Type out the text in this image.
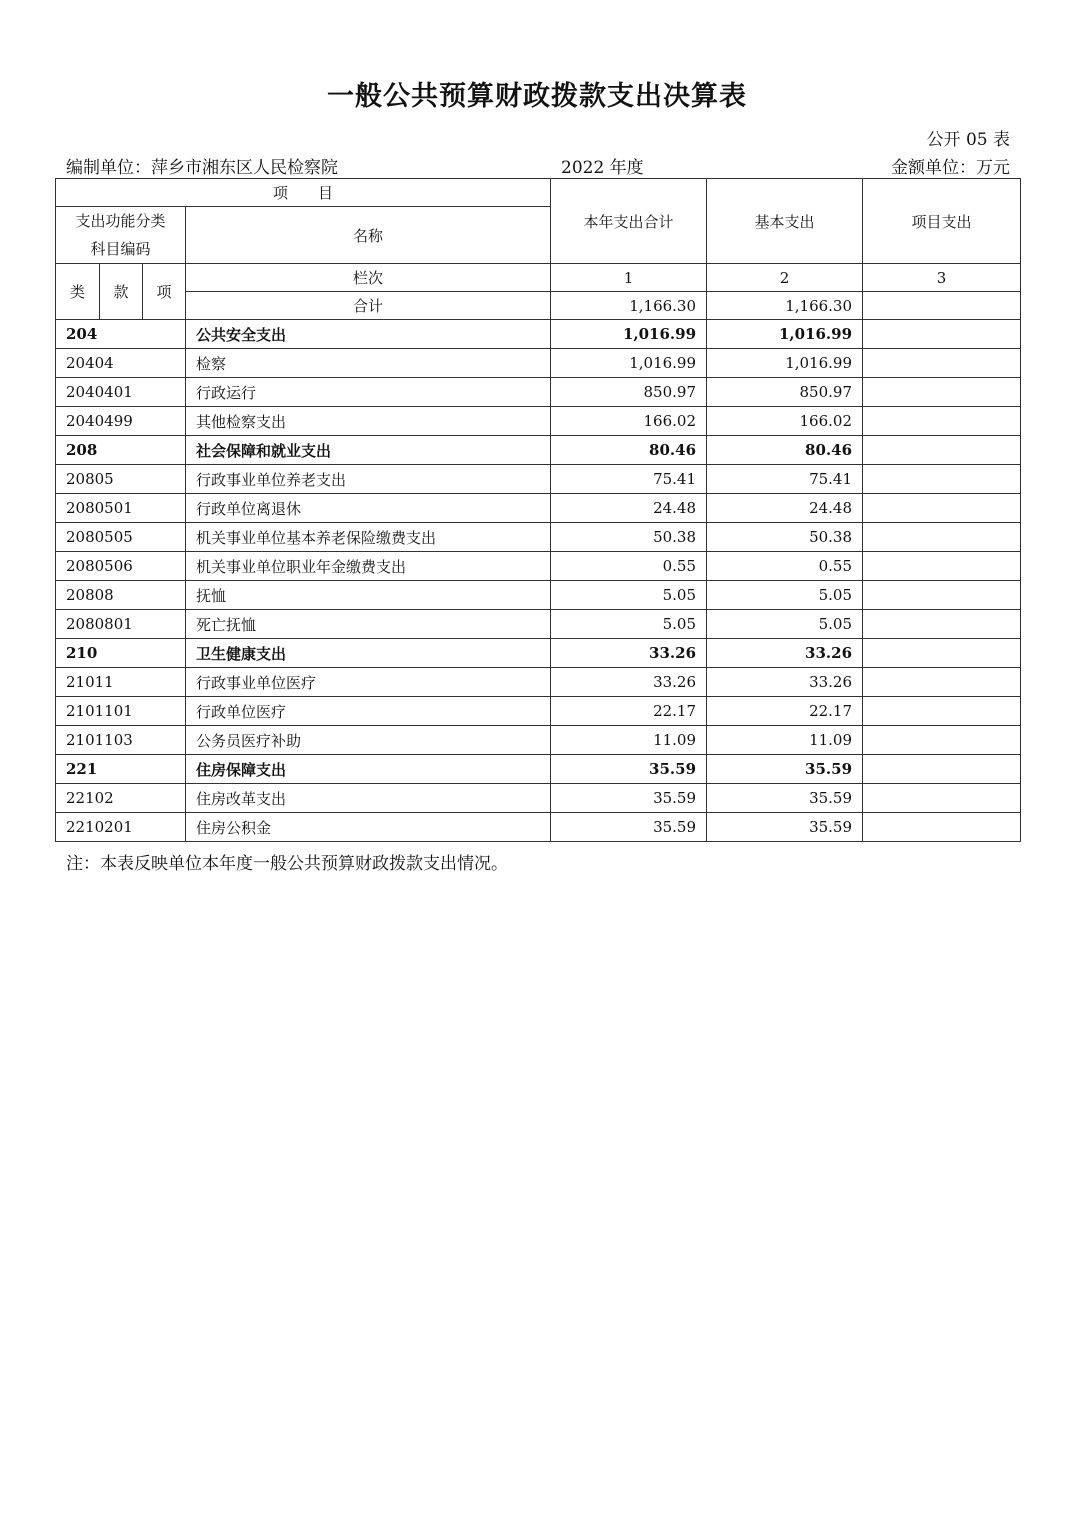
一般公共预算财政拨款支出决算表
公开 05 表
编制单位：萍乡市湘东区人民检察院	2022 年度	金额单位：万元
项　　目				本年支出合计	基本支出	项目支出
支出功能分类科目编码			名称			
类	款	项	栏次	1	2	3
			合计	1,166.30	1,166.30	
204			公共安全支出	1,016.99	1,016.99	
20404			检察	1,016.99	1,016.99	
2040401			行政运行	850.97	850.97	
2040499			其他检察支出	166.02	166.02	
208			社会保障和就业支出	80.46	80.46	
20805			行政事业单位养老支出	75.41	75.41	
2080501			行政单位离退休	24.48	24.48	
2080505			机关事业单位基本养老保险缴费支出	50.38	50.38	
2080506			机关事业单位职业年金缴费支出	0.55	0.55	
20808			抚恤	5.05	5.05	
2080801			死亡抚恤	5.05	5.05	
210			卫生健康支出	33.26	33.26	
21011			行政事业单位医疗	33.26	33.26	
2101101			行政单位医疗	22.17	22.17	
2101103			公务员医疗补助	11.09	11.09	
221			住房保障支出	35.59	35.59	
22102			住房改革支出	35.59	35.59	
2210201			住房公积金	35.59	35.59	
注：本表反映单位本年度一般公共预算财政拨款支出情况。
